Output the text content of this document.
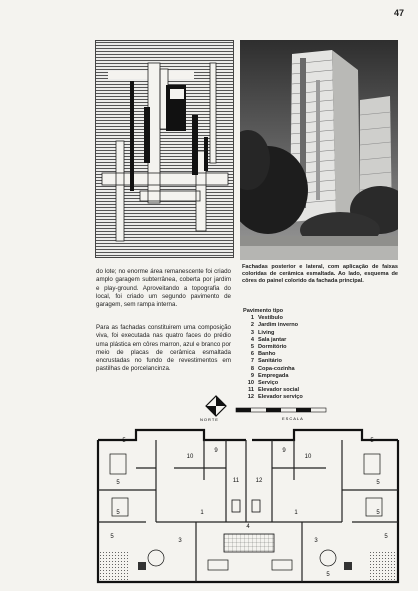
47
do lote; no enorme área remanescente foi criado amplo garagem subterrânea, coberta por jardim e play-ground. Aproveitando a topografia do local, foi criado um segundo pavimento de garagem, sem rampa interna.
Para as fachadas constituirem uma composição viva, foi executada nas quatro faces do prédio uma plástica em côres marron, azul e branco por meio de placas de cerâmica esmaltada encrustadas no fundo de revestimentos em pastilhas de porcelancinza.
Fachadas posterior e lateral, com aplicação de faixas coloridas de cerâmica esmaltada. Ao lado, esquema de côres do painel colorido da fachada principal.
Pavimento tipo
1 Vestíbulo
2 Jardim inverno
3 Living
4 Sala jantar
5 Dormitório
6 Banho
7 Sanitário
8 Copa-cozinha
9 Empregada
10 Serviço
11 Elevador social
12 Elevador serviço
NORTE	ESCALA
10
9
11	12
10
9
5
5
5
5
5
5
1	1
3
4
3
5	5
5
